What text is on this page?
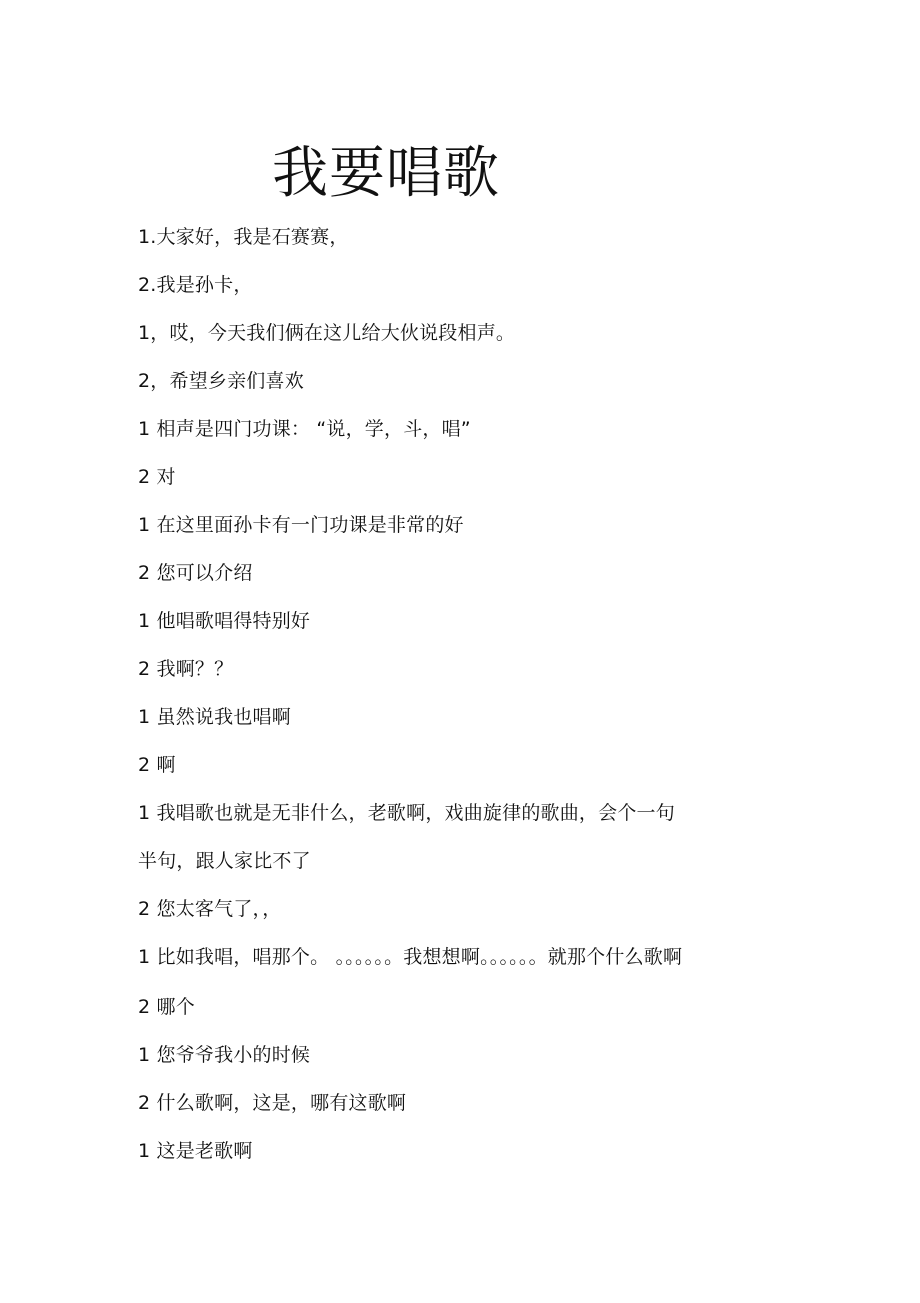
我要唱歌
1.大家好，我是石赛赛，
2.我是孙卡，
1，哎，今天我们俩在这儿给大伙说段相声。
2，希望乡亲们喜欢
1 相声是四门功课： “说，学，斗，唱”
2 对
1 在这里面孙卡有一门功课是非常的好
2 您可以介绍
1 他唱歌唱得特别好
2 我啊？？
1 虽然说我也唱啊
2 啊
1 我唱歌也就是无非什么，老歌啊，戏曲旋律的歌曲，会个一句
半句，跟人家比不了
2 您太客气了，，
1 比如我唱，唱那个。 。。。。。。我想想啊。。。。。。就那个什么歌啊
2 哪个
1 您爷爷我小的时候
2 什么歌啊，这是，哪有这歌啊
1 这是老歌啊
